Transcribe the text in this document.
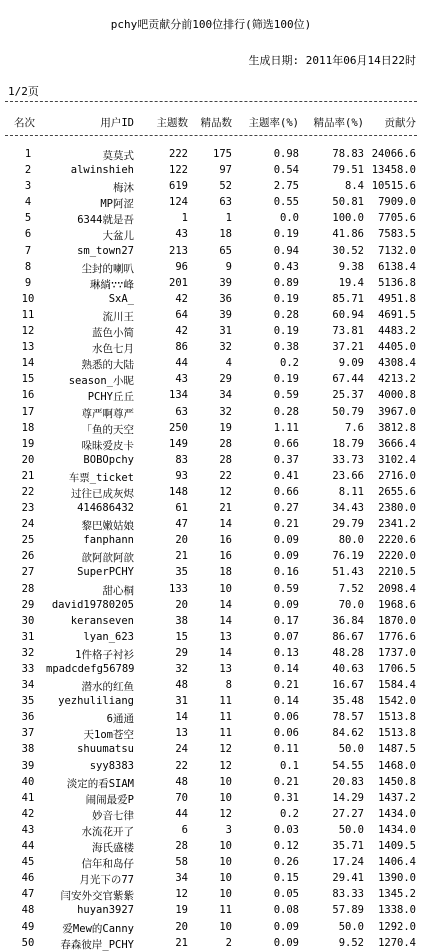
pchy吧贡献分前100位排行(筛选100位)
生成日期: 2011年06月14日22时
1/2页
名次	用户ID	主题数	精品数	主题率(%)	精品率(%)	贡献分
1	莫莫式	222	175	0.98	78.83 24066.6
2	alwinshieh	122	97	0.54	79.51 13458.0
3	梅沐	619	52	2.75	8.4 10515.6
4	MP阿涩	124	63	0.55	50.81	7909.0
5	6344就是吾	1	1	0.0	100.0	7705.6
6	大盆儿	43	18	0.19	41.86	7583.5
7	sm_town27	213	65	0.94	30.52	7132.0
8	尘封的喇叭	96	9	0.43	9.38	6138.4
9	琳緔∵∵峰	201	39	0.89	19.4	5136.8
10	SxA_	42	36	0.19	85.71	4951.8
11	流川王	64	39	0.28	60.94	4691.5
12	蓝色小简	42	31	0.19	73.81	4483.2
13	水色七月	86	32	0.38	37.21	4405.0
14	熟悉的大陆	44	4	0.2	9.09	4308.4
15	season_小昵	43	29	0.19	67.44	4213.2
16	PCHY丘丘	134	34	0.59	25.37	4000.8
17	尊严啊尊严	63	32	0.28	50.79	3967.0
18	「鱼的天空	250	19	1.11	7.6	3812.8
19	哚昧爱皮卡	149	28	0.66	18.79	3666.4
20	BOBOpchy	83	28	0.37	33.73	3102.4
21	车票_ticket	93	22	0.41	23.66	2716.0
22	过往已成灰烬	148	12	0.66	8.11	2655.6
23	414686432	61	21	0.27	34.43	2380.0
24	黎巴嫩姑娘	47	14	0.21	29.79	2341.2
25	fanphann	20	16	0.09	80.0	2220.6
26	歆阿歆阿歆	21	16	0.09	76.19	2220.0
27	SuperPCHY	35	18	0.16	51.43	2210.5
28	甜心桐	133	10	0.59	7.52	2098.4
29	david19780205	20	14	0.09	70.0	1968.6
30	keranseven	38	14	0.17	36.84	1870.0
31	lyan_623	15	13	0.07	86.67	1776.6
32	1件格子衬衫	29	14	0.13	48.28	1737.0
33	mpadcdefg56789	32	13	0.14	40.63	1706.5
34	潜水的红鱼	48	8	0.21	16.67	1584.4
35	yezhuliliang	31	11	0.14	35.48	1542.0
36	6通通	14	11	0.06	78.57	1513.8
37	天1om苍空	13	11	0.06	84.62	1513.8
38	shuumatsu	24	12	0.11	50.0	1487.5
39	syy8383	22	12	0.1	54.55	1468.0
40	淡定的看SIAM	48	10	0.21	20.83	1450.8
41	闹闹最爱P	70	10	0.31	14.29	1437.2
42	妙音七律	44	12	0.2	27.27	1434.0
43	水流花开了	6	3	0.03	50.0	1434.0
44	海氏盛楼	28	10	0.12	35.71	1409.5
45	信年和岛仔	58	10	0.26	17.24	1406.4
46	月光下の77	34	10	0.15	29.41	1390.0
47	闫安外交官紫紫	12	10	0.05	83.33	1345.2
48	huyan3927	19	11	0.08	57.89	1338.0
49	爱Mew的Canny	20	10	0.09	50.0	1292.0
50	春森彼岸_PCHY	21	2	0.09	9.52	1270.4
